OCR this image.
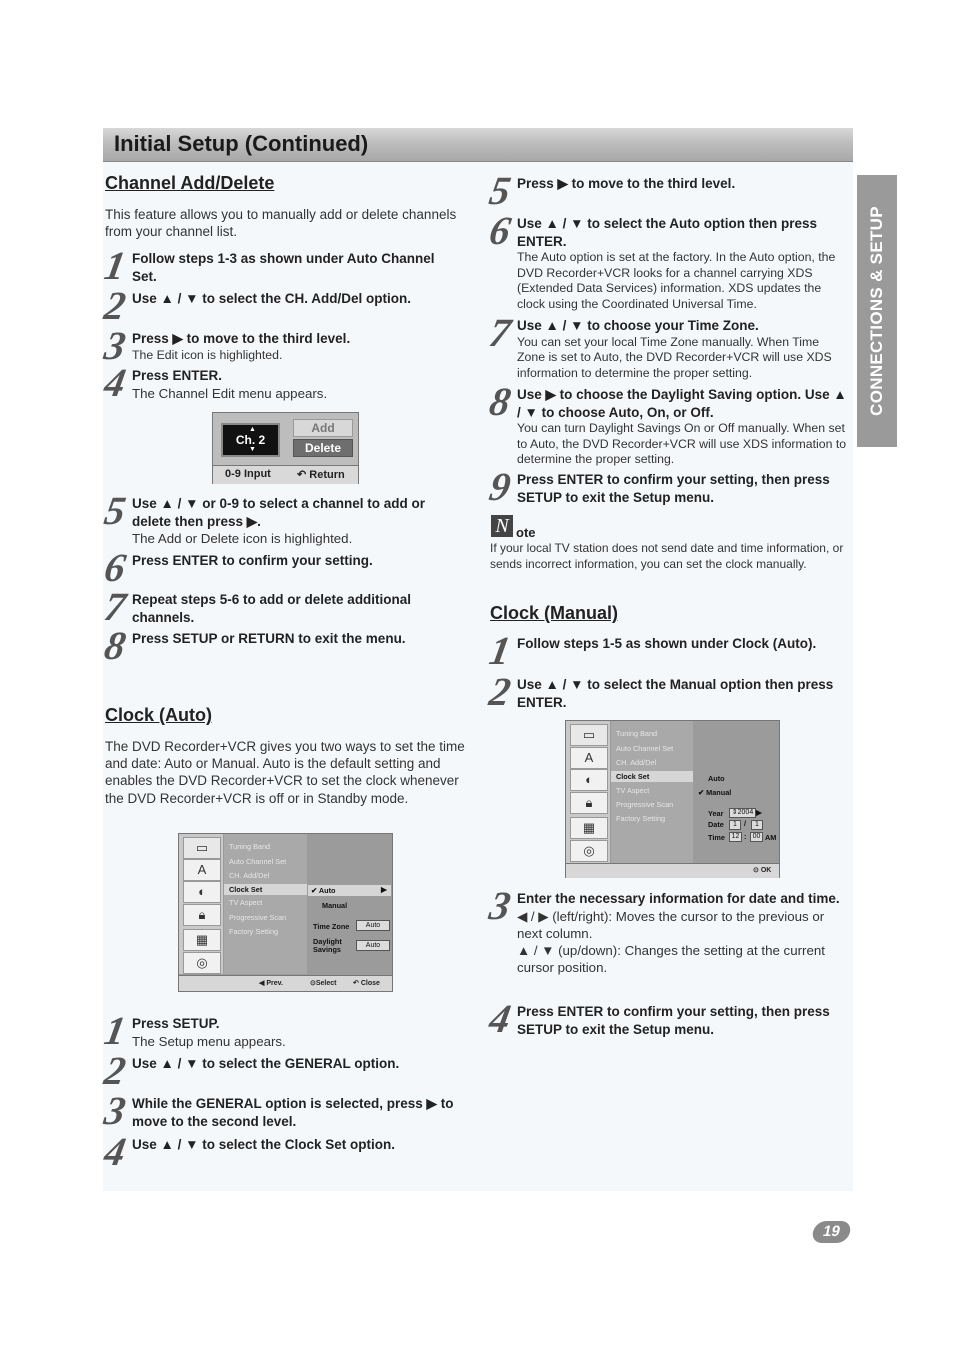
Initial Setup (Continued)
CONNECTIONS & SETUP
Channel Add/Delete

This feature allows you to manually add or delete channels from your channel list.

1 Follow steps 1-3 as shown under Auto Channel Set.
2 Use ▲ / ▼ to select the CH. Add/Del option.
3 Press ▶ to move to the third level.
The Edit icon is highlighted.
4 Press ENTER.
The Channel Edit menu appears.
▲
Ch. 2
▼
Add
Delete
0-9 Input ↶ Return
5 Use ▲ / ▼ or 0-9 to select a channel to add or delete then press ▶.
The Add or Delete icon is highlighted.
6 Press ENTER to confirm your setting.
7 Repeat steps 5-6 to add or delete additional channels.
8 Press SETUP or RETURN to exit the menu.
Clock (Auto)

The DVD Recorder+VCR gives you two ways to set the time and date: Auto or Manual. Auto is the default setting and enables the DVD Recorder+VCR to set the clock whenever the DVD Recorder+VCR is off or in Standby mode.

▭
A
◐
🔒︎
▦
◎
Tuning Band
Auto Channel Set
CH. Add/Del
Clock Set
TV Aspect
Progressive Scan
Factory Setting
✔ Auto	▶
Manual
Time Zone	Auto
Daylight
Savings	Auto
◀ Prev.	⊙Select ↶ Close
1 Press SETUP.
The Setup menu appears.
2 Use ▲ / ▼ to select the GENERAL option.
3 While the GENERAL option is selected, press ▶ to move to the second level.
4 Use ▲ / ▼ to select the Clock Set option.
5 Press ▶ to move to the third level.
6 Use ▲ / ▼ to select the Auto option then press ENTER.
The Auto option is set at the factory. In the Auto option, the DVD Recorder+VCR looks for a channel carrying XDS (Extended Data Services) information. XDS updates the clock using the Coordinated Universal Time.
7 Use ▲ / ▼ to choose your Time Zone.
You can set your local Time Zone manually. When Time Zone is set to Auto, the DVD Recorder+VCR will use XDS information to determine the proper setting.
8 Use ▶ to choose the Daylight Saving option. Use ▲ / ▼ to choose Auto, On, or Off.
You can turn Daylight Savings On or Off manually. When set to Auto, the DVD Recorder+VCR will use XDS information to determine the proper setting.
9 Press ENTER to confirm your setting, then press SETUP to exit the Setup menu.
N ote

If your local TV station does not send date and time information, or sends incorrect information, you can set the clock manually.

Clock (Manual)
1 Follow steps 1-5 as shown under Clock (Auto).
2 Use ▲ / ▼ to select the Manual option then press ENTER.
▭
A
◐
🔒︎
▦
◎
Tuning Band
Auto Channel Set
CH. Add/Del
Clock Set
TV Aspect
Progressive Scan
Factory Setting
Auto
✔ Manual
Year	⇕2004 ▶
Date	1 /	1
Time 12 : 00 AM
⊙ OK
3 Enter the necessary information for date and time.
◀ / ▶ (left/right): Moves the cursor to the previous or next column.
▲ / ▼ (up/down): Changes the setting at the current cursor position.
4 Press ENTER to confirm your setting, then press SETUP to exit the Setup menu.
19
